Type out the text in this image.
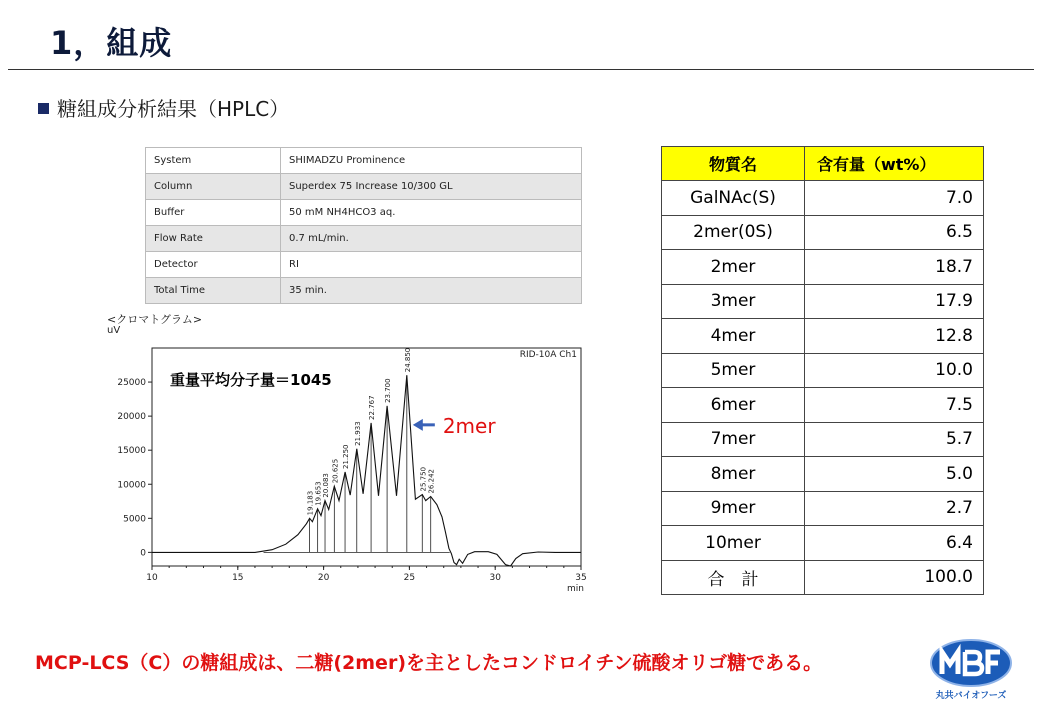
1，組成
糖組成分析結果（HPLC）
System	SHIMADZU Prominence
Column	Superdex 75 Increase 10/300 GL
Buffer	50 mM NH4HCO3 aq.
Flow Rate	0.7 mL/min.
Detector	RI
Total Time	35 min.
<クロマトグラム>
uV
10	15	20	25	30	35
min
0
5000
10000
15000
20000
25000
RID-10A Ch1
19.183 19.653 20.083
20.625
21.250
21.933
22.767
23.700
24.850
25.750 26.242
重量平均分子量＝1045
2mer
物質名	含有量（wt%）
GalNAc(S)	7.0
2mer(0S)	6.5
2mer	18.7
3mer	17.9
4mer	12.8
5mer	10.0
6mer	7.5
7mer	5.7
8mer	5.0
9mer	2.7
10mer	6.4
合　計	100.0
MCP-LCS（C）の糖組成は、二糖(2mer)を主としたコンドロイチン硫酸オリゴ糖である。
丸共バイオフーズ
